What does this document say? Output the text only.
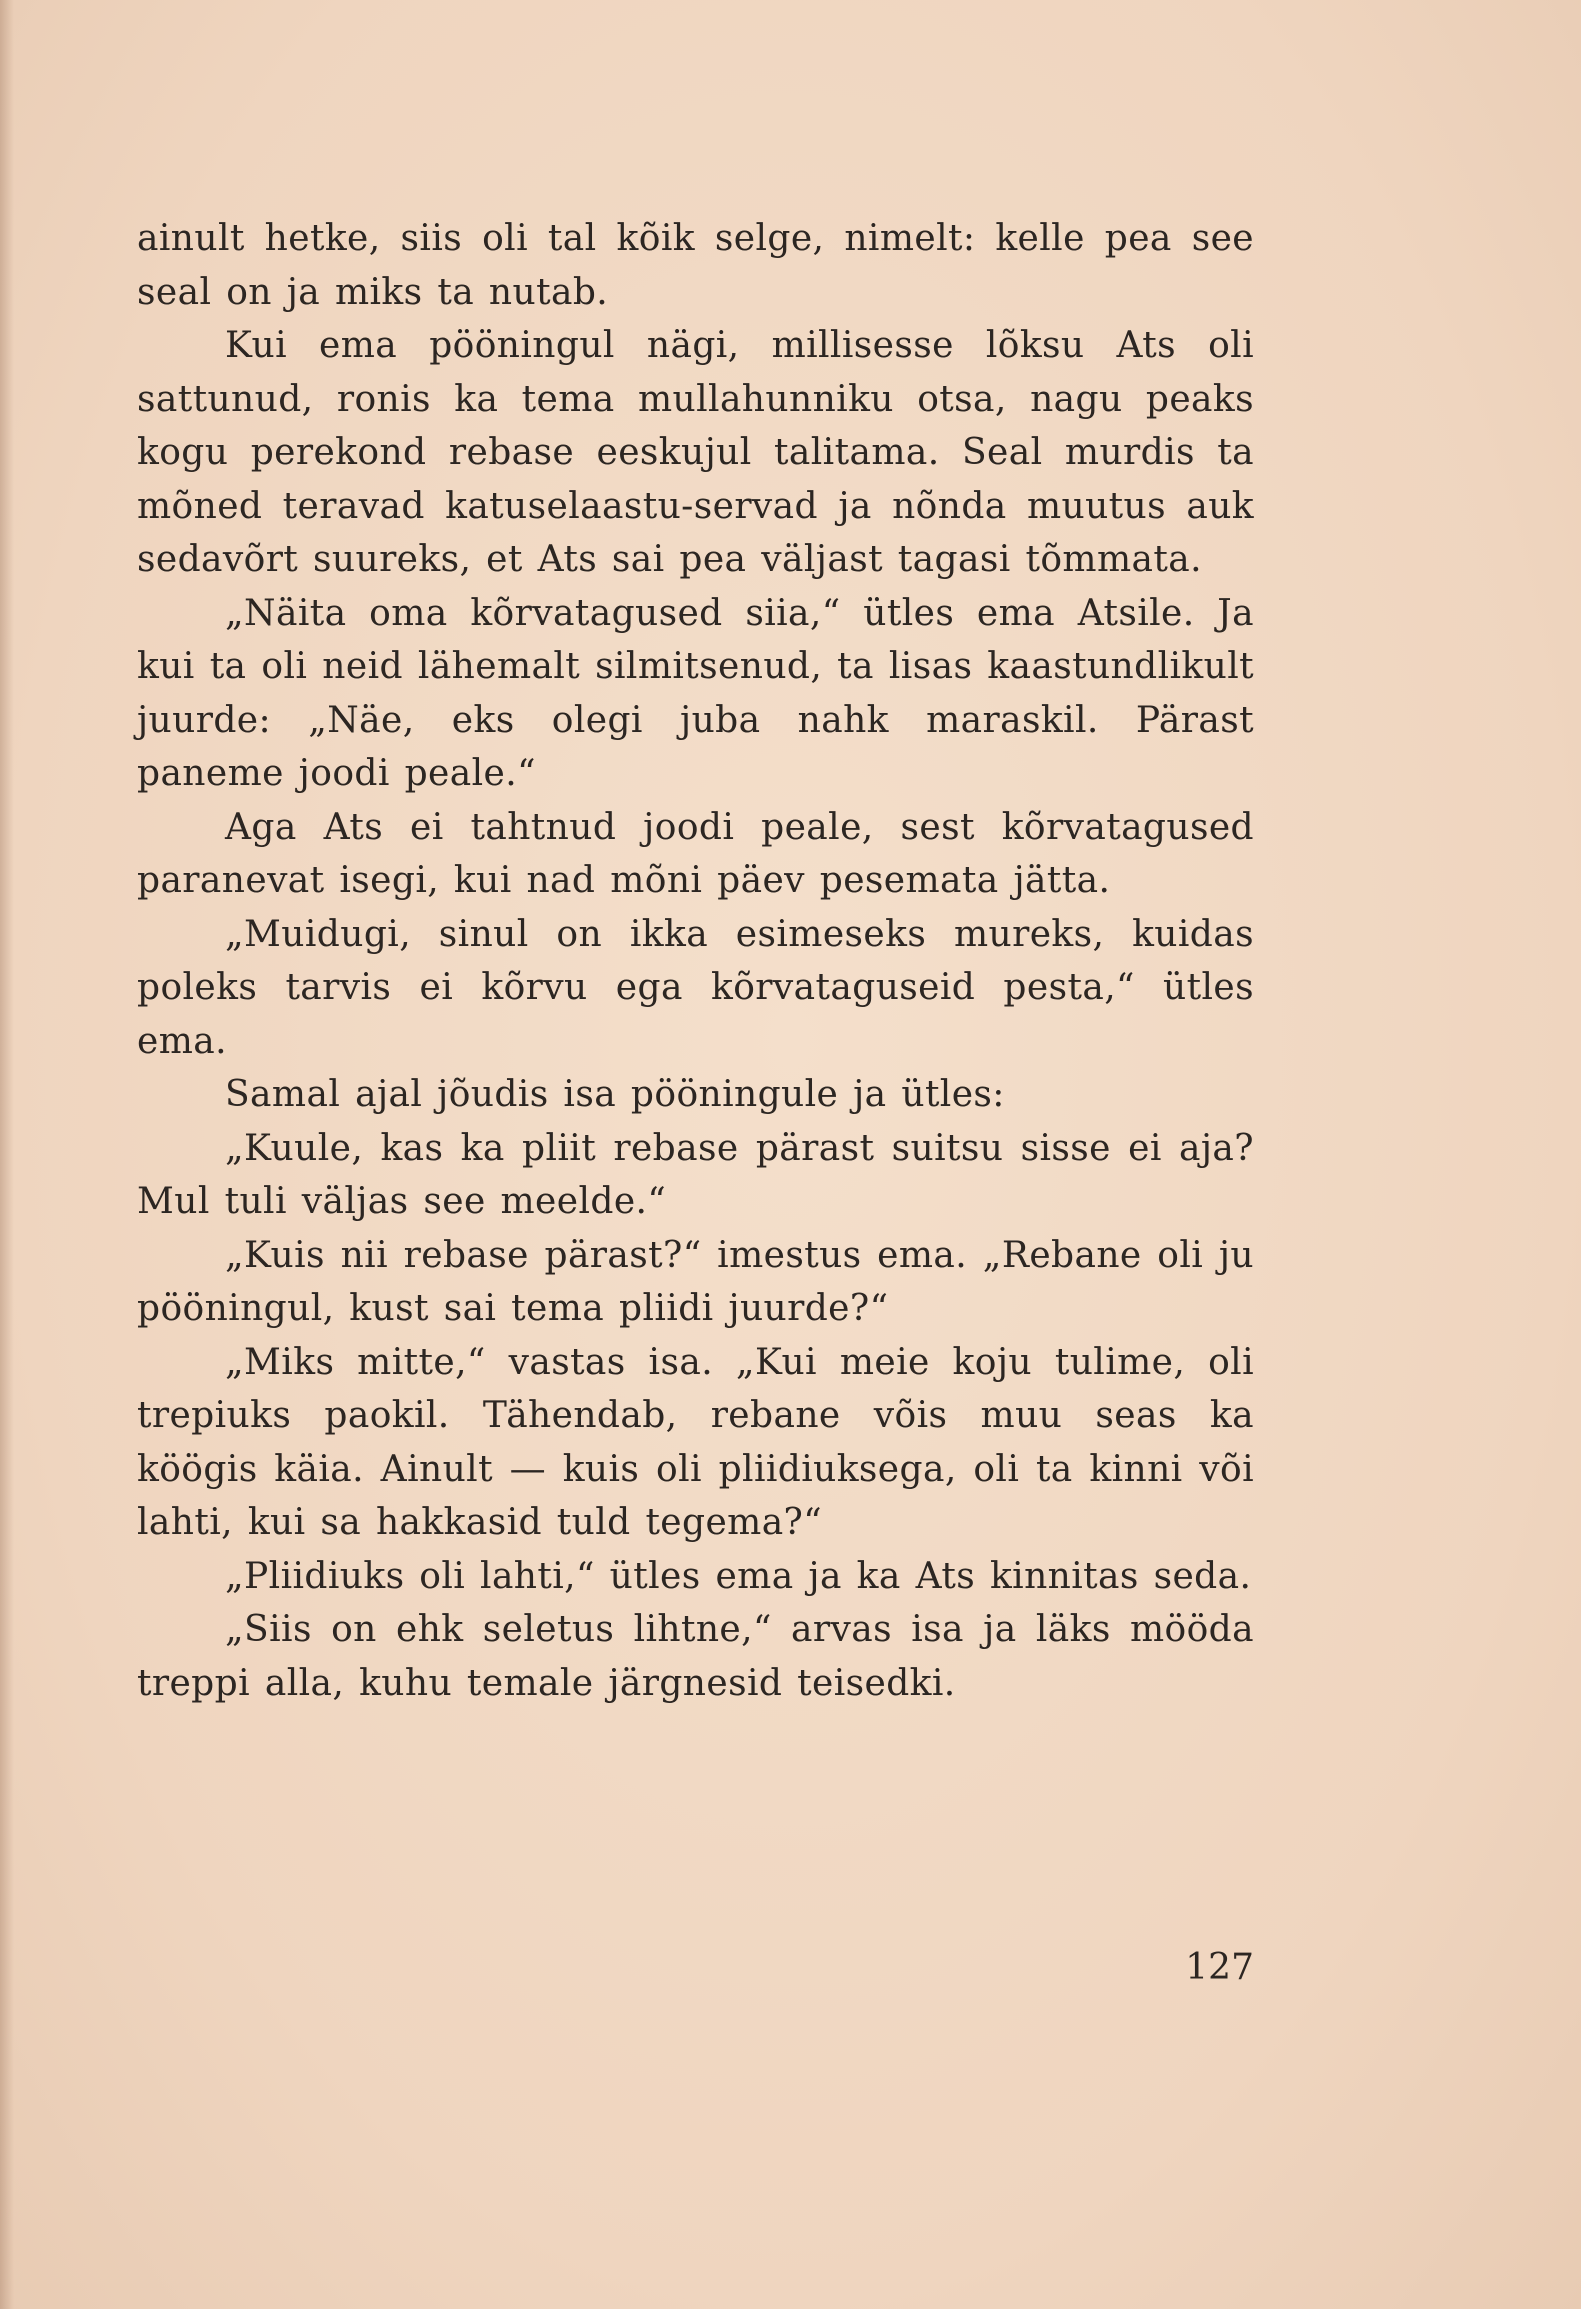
ainult hetke, siis oli tal kõik selge, nimelt: kelle pea see seal on ja miks ta nutab.

Kui ema pööningul nägi, millisesse lõksu Ats oli sattunud, ronis ka tema mullahunniku otsa, nagu peaks kogu perekond rebase eeskujul talitama. Seal murdis ta mõned teravad katuselaastu-servad ja nõnda muutus auk sedavõrt suureks, et Ats sai pea väljast tagasi tõmmata.

„Näita oma kõrvatagused siia,“ ütles ema Atsile. Ja kui ta oli neid lähemalt silmitsenud, ta lisas kaastundlikult juurde: „Näe, eks olegi juba nahk maraskil. Pärast paneme joodi peale.“

Aga Ats ei tahtnud joodi peale, sest kõrvatagused paranevat isegi, kui nad mõni päev pesemata jätta.

„Muidugi, sinul on ikka esimeseks mureks, kuidas poleks tarvis ei kõrvu ega kõrvataguseid pesta,“ ütles ema.

Samal ajal jõudis isa pööningule ja ütles:

„Kuule, kas ka pliit rebase pärast suitsu sisse ei aja? Mul tuli väljas see meelde.“

„Kuis nii rebase pärast?“ imestus ema. „Rebane oli ju pööningul, kust sai tema pliidi juurde?“

„Miks mitte,“ vastas isa. „Kui meie koju tulime, oli trepiuks paokil. Tähendab, rebane võis muu seas ka köögis käia. Ainult — kuis oli pliidiuksega, oli ta kinni või lahti, kui sa hakkasid tuld tegema?“

„Pliidiuks oli lahti,“ ütles ema ja ka Ats kinnitas seda.

„Siis on ehk seletus lihtne,“ arvas isa ja läks mööda treppi alla, kuhu temale järgnesid teisedki.

127
